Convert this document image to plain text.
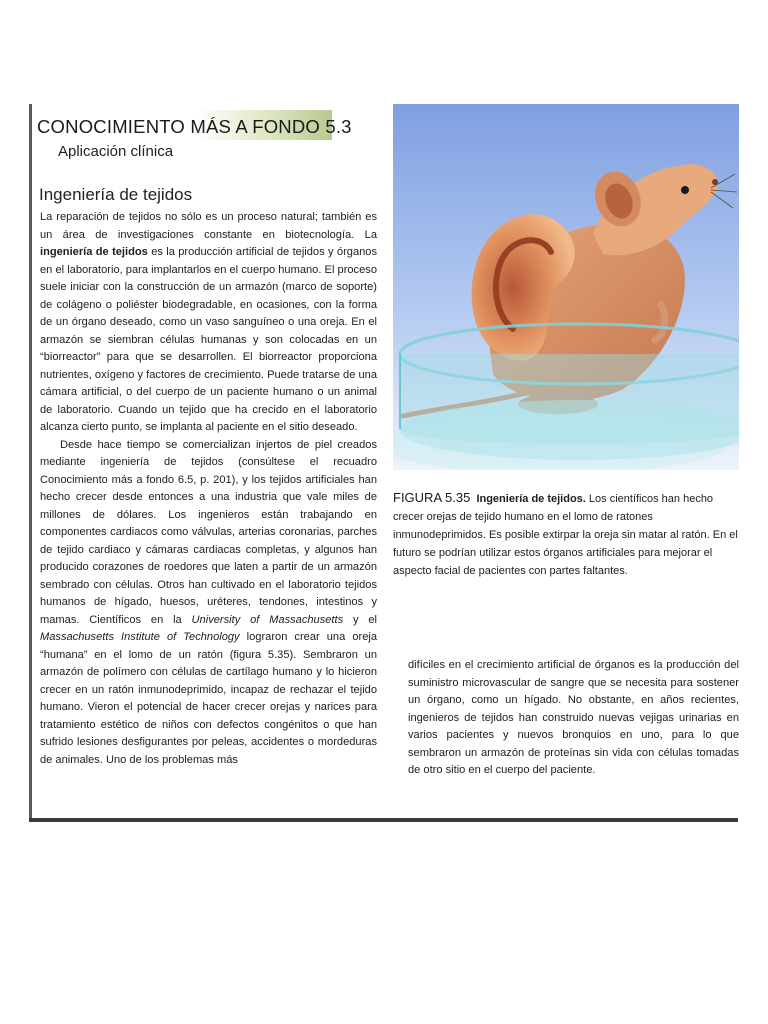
CONOCIMIENTO MÁS A FONDO 5.3
Aplicación clínica
Ingeniería de tejidos

La reparación de tejidos no sólo es un proceso natural; también es un área de investigaciones constante en biotecnología. La ingeniería de tejidos es la producción artificial de tejidos y órganos en el laboratorio, para implantarlos en el cuerpo humano. El proceso suele iniciar con la construcción de un armazón (marco de soporte) de colágeno o poliéster biodegradable, en ocasiones, con la forma de un órgano deseado, como un vaso sanguíneo o una oreja. En el armazón se siembran células humanas y son colocadas en un “biorreactor” para que se desarrollen. El biorreactor proporciona nutrientes, oxígeno y factores de crecimiento. Puede tratarse de una cámara artificial, o del cuerpo de un paciente humano o un animal de laboratorio. Cuando un tejido que ha crecido en el laboratorio alcanza cierto punto, se implanta al paciente en el sitio deseado.

Desde hace tiempo se comercializan injertos de piel creados mediante ingeniería de tejidos (consúltese el recuadro Conocimiento más a fondo 6.5, p. 201), y los tejidos artificiales han hecho crecer desde entonces a una industria que vale miles de millones de dólares. Los ingenieros están trabajando en componentes cardiacos como válvulas, arterias coronarias, parches de tejido cardiaco y cámaras cardiacas completas, y algunos han producido corazones de roedores que laten a partir de un armazón sembrado con células. Otros han cultivado en el laboratorio tejidos humanos de hígado, huesos, uréteres, tendones, intestinos y mamas. Científicos en la University of Massachusetts y el Massachusetts Institute of Technology lograron crear una oreja “humana” en el lomo de un ratón (figura 5.35). Sembraron un armazón de polímero con células de cartílago humano y lo hicieron crecer en un ratón inmunodeprimido, incapaz de rechazar el tejido humano. Vieron el potencial de hacer crecer orejas y narices para tratamiento estético de niños con defectos congénitos o que han sufrido lesiones desfigurantes por peleas, accidentes o mordeduras de animales. Uno de los problemas más

FIGURA 5.35 Ingeniería de tejidos. Los científicos han hecho crecer orejas de tejido humano en el lomo de ratones inmunodeprimidos. Es posible extirpar la oreja sin matar al ratón. En el futuro se podrían utilizar estos órganos artificiales para mejorar el aspecto facial de pacientes con partes faltantes.

difíciles en el crecimiento artificial de órganos es la producción del suministro microvascular de sangre que se necesita para sostener un órgano, como un hígado. No obstante, en años recientes, ingenieros de tejidos han construido nuevas vejigas urinarias en varios pacientes y nuevos bronquios en uno, para lo que sembraron un armazón de proteínas sin vida con células tomadas de otro sitio en el cuerpo del paciente.
